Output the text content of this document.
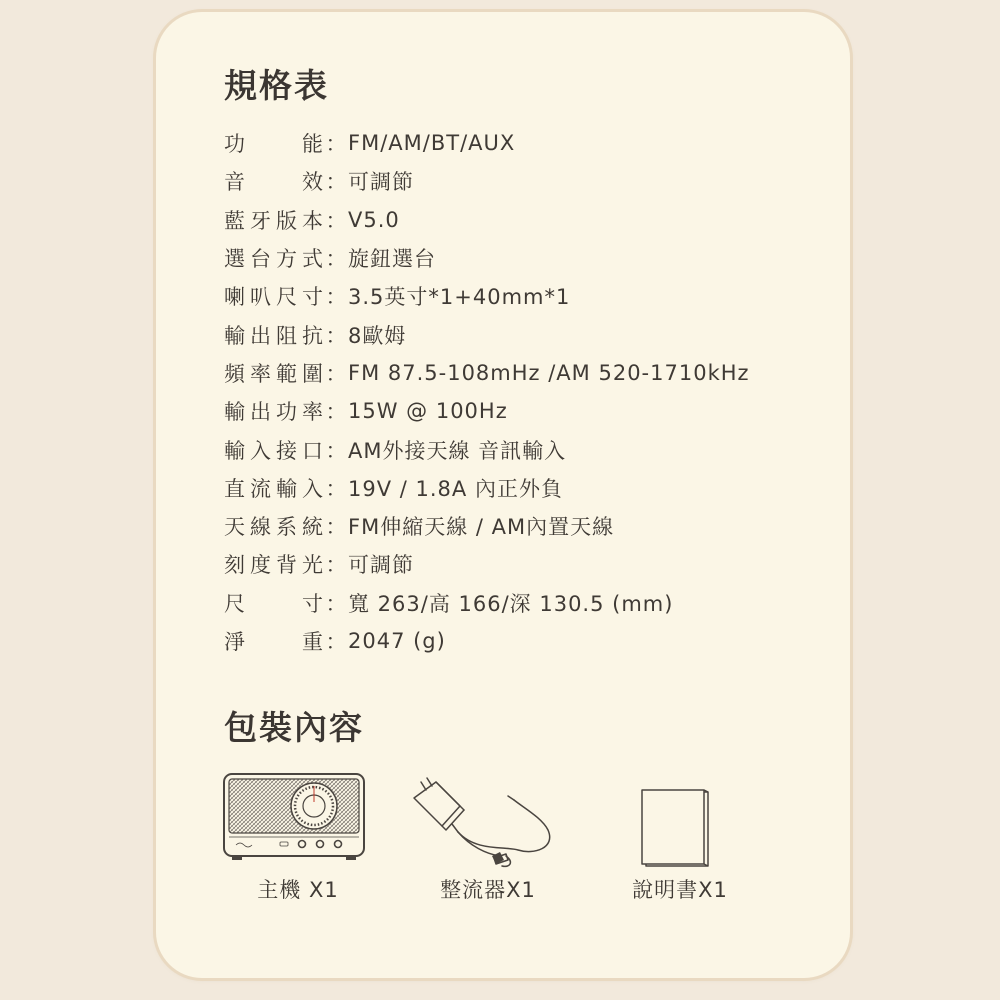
規格表
功能 ： FM/AM/BT/AUX
音效 ： 可調節
藍牙版本 ： V5.0
選台方式 ： 旋鈕選台
喇叭尺寸 ： 3.5英寸*1+40mm*1
輸出阻抗 ： 8歐姆
頻率範圍 ： FM 87.5-108mHz /AM 520-1710kHz
輸出功率 ： 15W @ 100Hz
輸入接口 ： AM外接天線 音訊輸入
直流輸入 ： 19V / 1.8A 內正外負
天線系統 ： FM伸縮天線 / AM內置天線
刻度背光 ： 可調節
尺寸 ： 寬 263/高 166/深 130.5 (mm)
淨重 ： 2047 (g)
包裝內容
主機 X1	整流器X1	說明書X1
